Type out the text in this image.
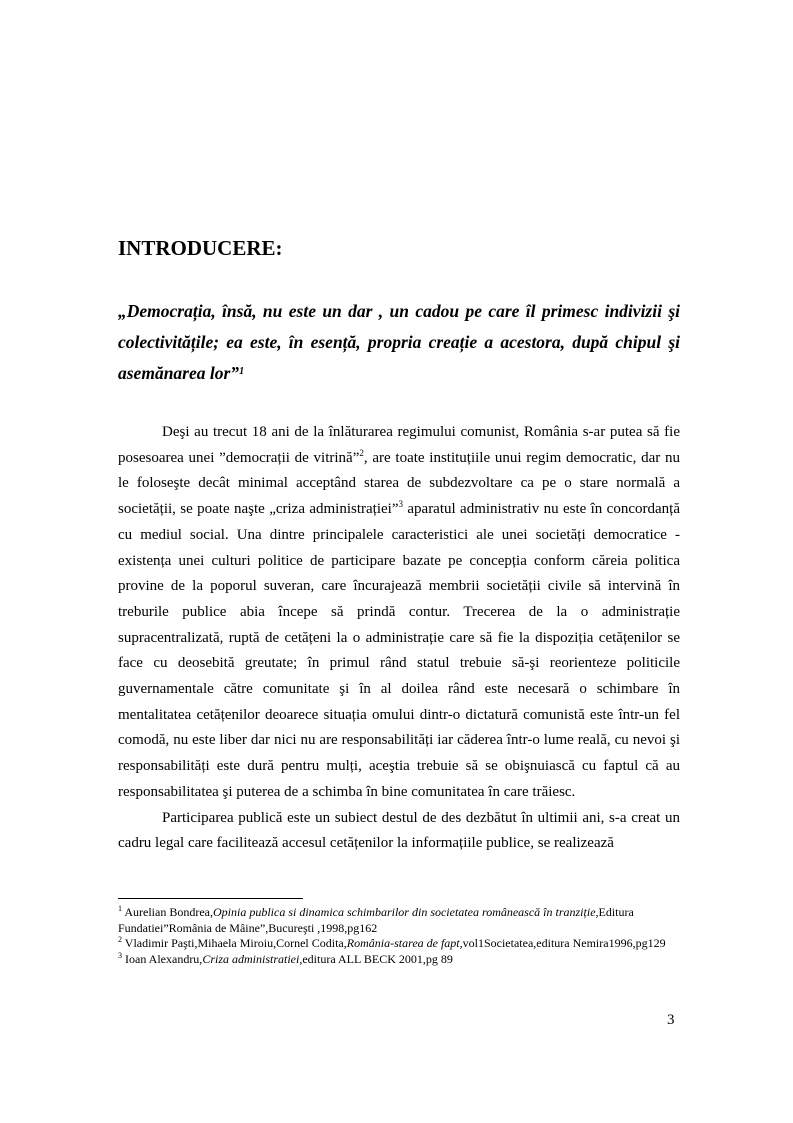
INTRODUCERE:

„Democrația, însă, nu este un dar , un cadou pe care îl primesc indivizii şi colectivitățile; ea este, în esență, propria creație a acestora, după chipul şi asemănarea lor”$^1$

Deşi au trecut 18 ani de la înlăturarea regimului comunist, România s-ar putea să fie posesoarea unei ”democrații de vitrină”$^2$, are toate instituțiile unui regim democratic, dar nu le foloseşte decât minimal acceptând starea de subdezvoltare ca pe o stare normală a societății, se poate naşte „criza administrației”$^3$ aparatul administrativ nu este în concordanță cu mediul social. Una dintre principalele caracteristici ale unei societăți democratice - existența unei culturi politice de participare bazate pe concepția conform căreia politica provine de la poporul suveran, care încurajează membrii societății civile să intervină în treburile publice abia începe să prindă contur. Trecerea de la o administrație supracentralizată, ruptă de cetățeni la o administrație care să fie la dispoziția cetățenilor se face cu deosebită greutate; în primul rând statul trebuie să-şi reorienteze politicile guvernamentale către comunitate şi în al doilea rând este necesară o schimbare în mentalitatea cetățenilor deoarece situația omului dintr-o dictatură comunistă este într-un fel comodă, nu este liber dar nici nu are responsabilități iar căderea într-o lume reală, cu nevoi şi responsabilități este dură pentru mulți, aceştia trebuie să se obişnuiască cu faptul că au responsabilitatea şi puterea de a schimba în bine comunitatea în care trăiesc.

Participarea publică este un subiect destul de des dezbătut în ultimii ani, s-a creat un cadru legal care facilitează accesul cetățenilor la informațiile publice, se realizează

$^1$ Aurelian Bondrea,Opinia publica si dinamica schimbarilor din societatea românească în tranziție,Editura Fundatiei”România de Mâine”,Bucureşti ,1998,pg162

$^2$ Vladimir Paşti,Mihaela Miroiu,Cornel Codita,România-starea de fapt,vol1Societatea,editura Nemira1996,pg129

$^3$ Ioan Alexandru,Criza administratiei,editura ALL BECK 2001,pg 89

3
